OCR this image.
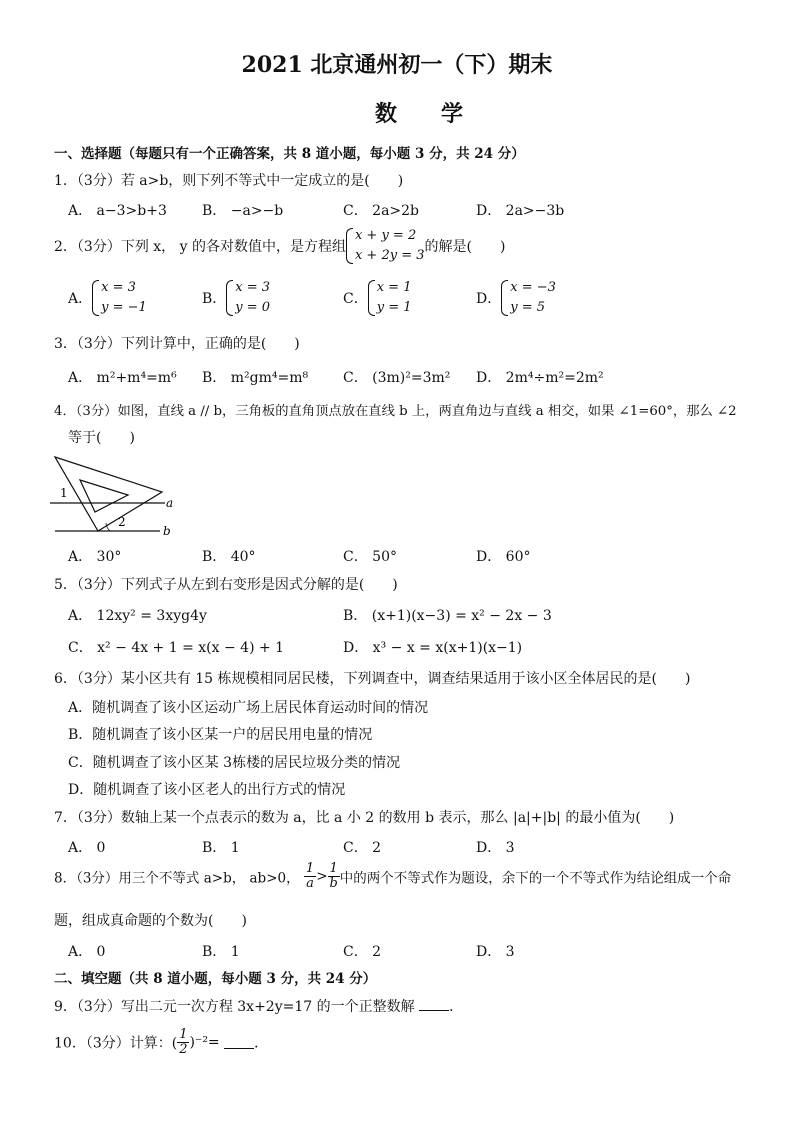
2021 北京通州初一（下）期末
数学
一、选择题（每题只有一个正确答案，共 8 道小题，每小题 3 分，共 24 分）
1．（3分）若 a>b，则下列不等式中一定成立的是(　　)
A． a−3>b+3	B． −a>−b	C． 2a>2b	D． 2a>−3b
2．（3分）下列 x， y 的各对数值中，是方程组
x + y = 2
x + 2y = 3
的解是(　　)
A．
x = 3
y = −1
B．
x = 3
y = 0
C．
x = 1
y = 1
D．
x = −3
y = 5
3．（3分）下列计算中，正确的是(　　)
A． m²+m⁴=m⁶ B． m²gm⁴=m⁸ C． (3m)²=3m² D． 2m⁴÷m²=2m²
4．（3分）如图，直线 a // b，三角板的直角顶点放在直线 b 上，两直角边与直线 a 相交，如果 ∠1=60°，那么 ∠2
等于(　　)
1
2
a
b
A． 30°	B． 40°	C． 50°	D． 60°
5．（3分）下列式子从左到右变形是因式分解的是(　　)
A． 12xy² = 3xyg4y	B． (x+1)(x−3) = x² − 2x − 3
C． x² − 4x + 1 = x(x − 4) + 1	D． x³ − x = x(x+1)(x−1)
6．（3分）某小区共有 15 栋规模相同居民楼，下列调查中，调查结果适用于该小区全体居民的是(　　)
A．随机调查了该小区运动广场上居民体育运动时间的情况
B．随机调查了该小区某一户的居民用电量的情况
C．随机调查了该小区某 3栋楼的居民垃圾分类的情况
D．随机调查了该小区老人的出行方式的情况
7．（3分）数轴上某一个点表示的数为 a，比 a 小 2 的数用 b 表示，那么 |a|+|b| 的最小值为(　　)
A． 0	B． 1	C． 2	D． 3
8．（3分）用三个不等式 a>b， ab>0， $\frac{1}{a} > \frac{1}{b}$ 中的两个不等式作为题设，余下的一个不等式作为结论组成一个命
题，组成真命题的个数为(　　)
A． 0	B． 1	C． 2	D． 3
二、填空题（共 8 道小题，每小题 3 分，共 24 分）
9．（3分）写出二元一次方程 3x+2y=17 的一个正整数解 ．
10．（3分）计算：( $\frac{1}{2} )^{-2}=$ ．
